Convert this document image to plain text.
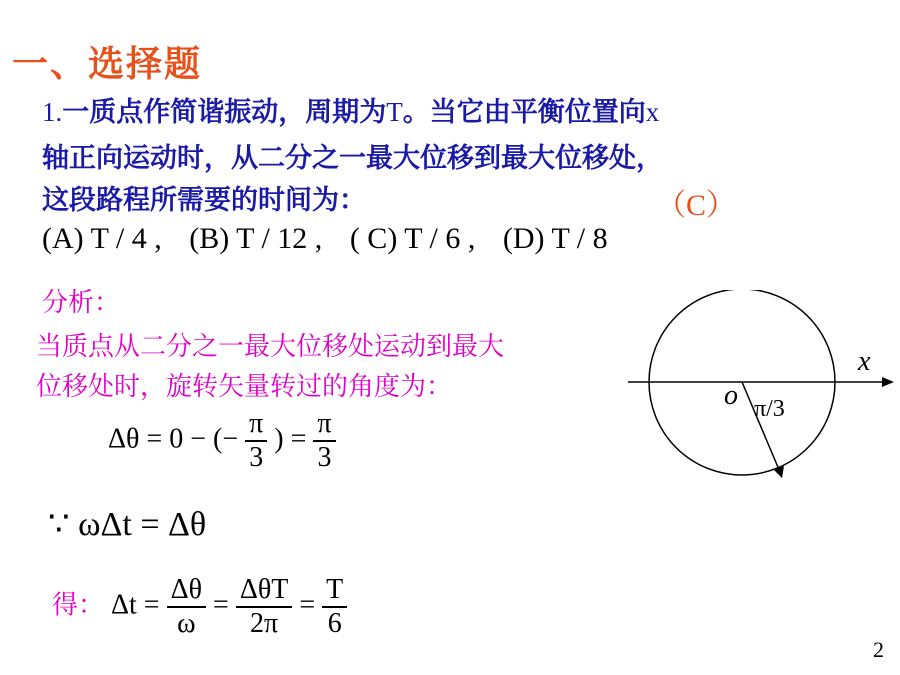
一、选择题
1.一质点作简谐振动，周期为T。当它由平衡位置向x
轴正向运动时，从二分之一最大位移到最大位移处，
这段路程所需要的时间为：	（C）
(A) T / 4 , (B) T / 12 , ( C) T / 6 , (D) T / 8
分析：
当质点从二分之一最大位移处运动到最大
位移处时，旋转矢量转过的角度为：
Δθ = 0 − (− $\frac{\pi}{3}$ ) = $\frac{\pi}{3}$
∵ ωΔt = Δθ
得： $\Delta t = \frac{\Delta\theta}{\omega} = \frac{\text{ΔθT}}{2\pi} = \frac{T}{6}$
x
o π/3
2
